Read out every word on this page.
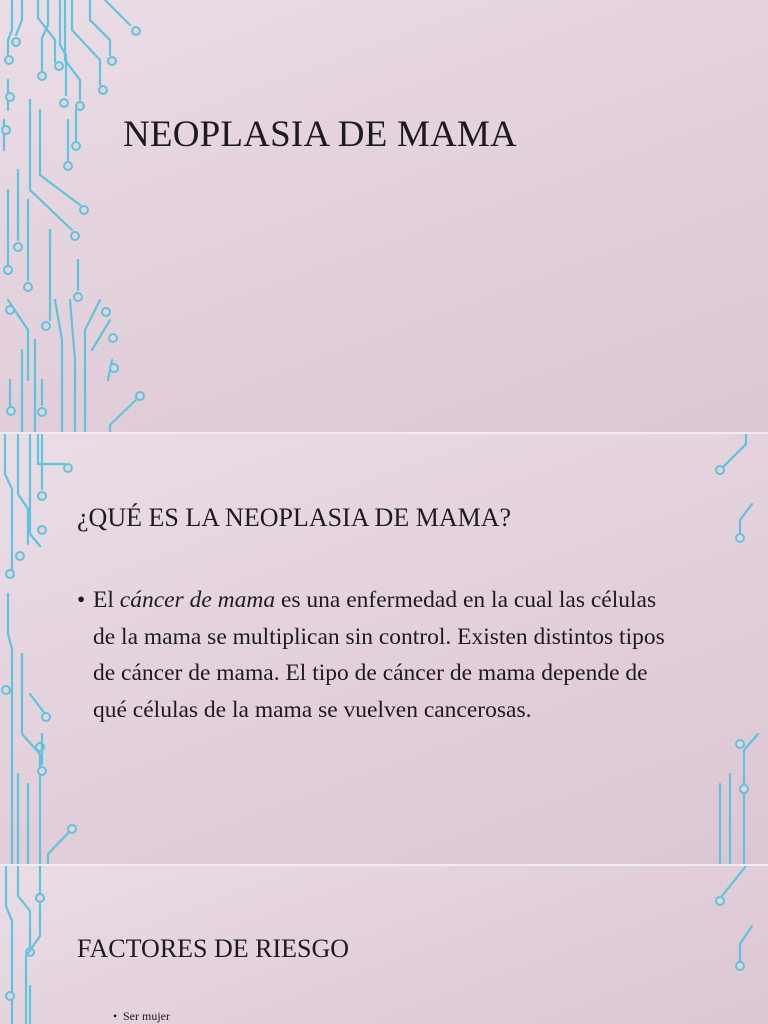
NEOPLASIA DE MAMA
¿QUÉ ES LA NEOPLASIA DE MAMA?
• El cáncer de mama es una enfermedad en la cual las células de la mama se multiplican sin control. Existen distintos tipos de cáncer de mama. El tipo de cáncer de mama depende de qué células de la mama se vuelven cancerosas.
FACTORES DE RIESGO
• Ser mujer
